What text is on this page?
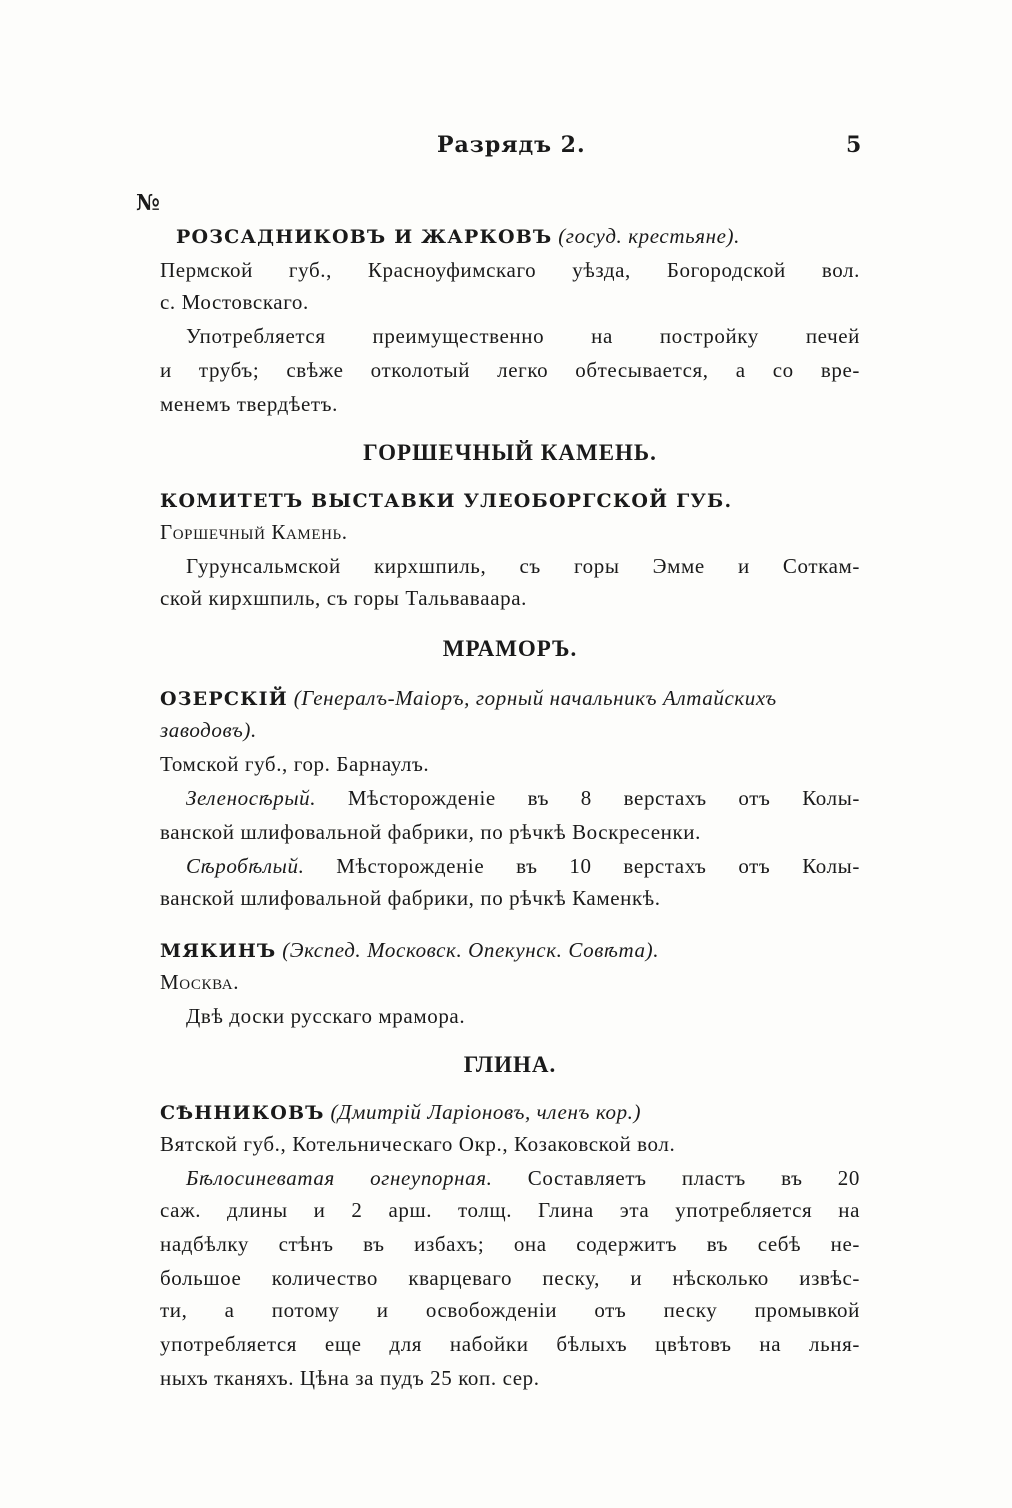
Разрядъ 2.	5
№
РОЗСАДНИКОВЪ И ЖАРКОВЪ (госуд. крестьяне).
Пермской губ., Красноуфимскаго уѣзда, Богородской вол.
с. Мостовскаго.
Употребляется преимущественно на постройку печей
и трубъ; свѣже отколотый легко обтесывается, а со вре-
менемъ твердѣетъ.
ГОРШЕЧНЫЙ КАМЕНЬ.
КОМИТЕТЪ ВЫСТАВКИ УЛЕОБОРГСКОЙ ГУБ.
Горшечный Камень.
Гурунсальмской кирхшпиль, съ горы Эмме и Соткам-
ской кирхшпиль, съ горы Тальвавaара.
МРАМОРЪ.
ОЗЕРСКІЙ (Генералъ-Маіоръ, горный начальникъ Алтайскихъ
заводовъ).
Томской губ., гор. Барнаулъ.
Зеленосѣрый. Мѣсторожденіе въ 8 верстахъ отъ Колы-
ванской шлифовальной фабрики, по рѣчкѣ Воскресенки.
Сѣробѣлый. Мѣсторожденіе въ 10 верстахъ отъ Колы-
ванской шлифовальной фабрики, по рѣчкѣ Каменкѣ.
МЯКИНЪ (Экспед. Московск. Опекунск. Совѣта).
Москва.
Двѣ доски русскаго мрамора.
ГЛИНА.
СѢННИКОВЪ (Дмитрій Ларіоновъ, членъ кор.)
Вятской губ., Котельническаго Окр., Козаковской вол.
Бѣлосиневатая огнеупорная. Составляетъ пластъ въ 20
саж. длины и 2 арш. толщ. Глина эта употребляется на
надбѣлку стѣнъ въ избахъ; она содержитъ въ себѣ не-
большое количество кварцеваго песку, и нѣсколько извѣс-
ти, а потому и освобожденіи отъ песку промывкой
употребляется еще для набойки бѣлыхъ цвѣтовъ на льня-
ныхъ тканяхъ. Цѣна за пудъ 25 коп. сер.
